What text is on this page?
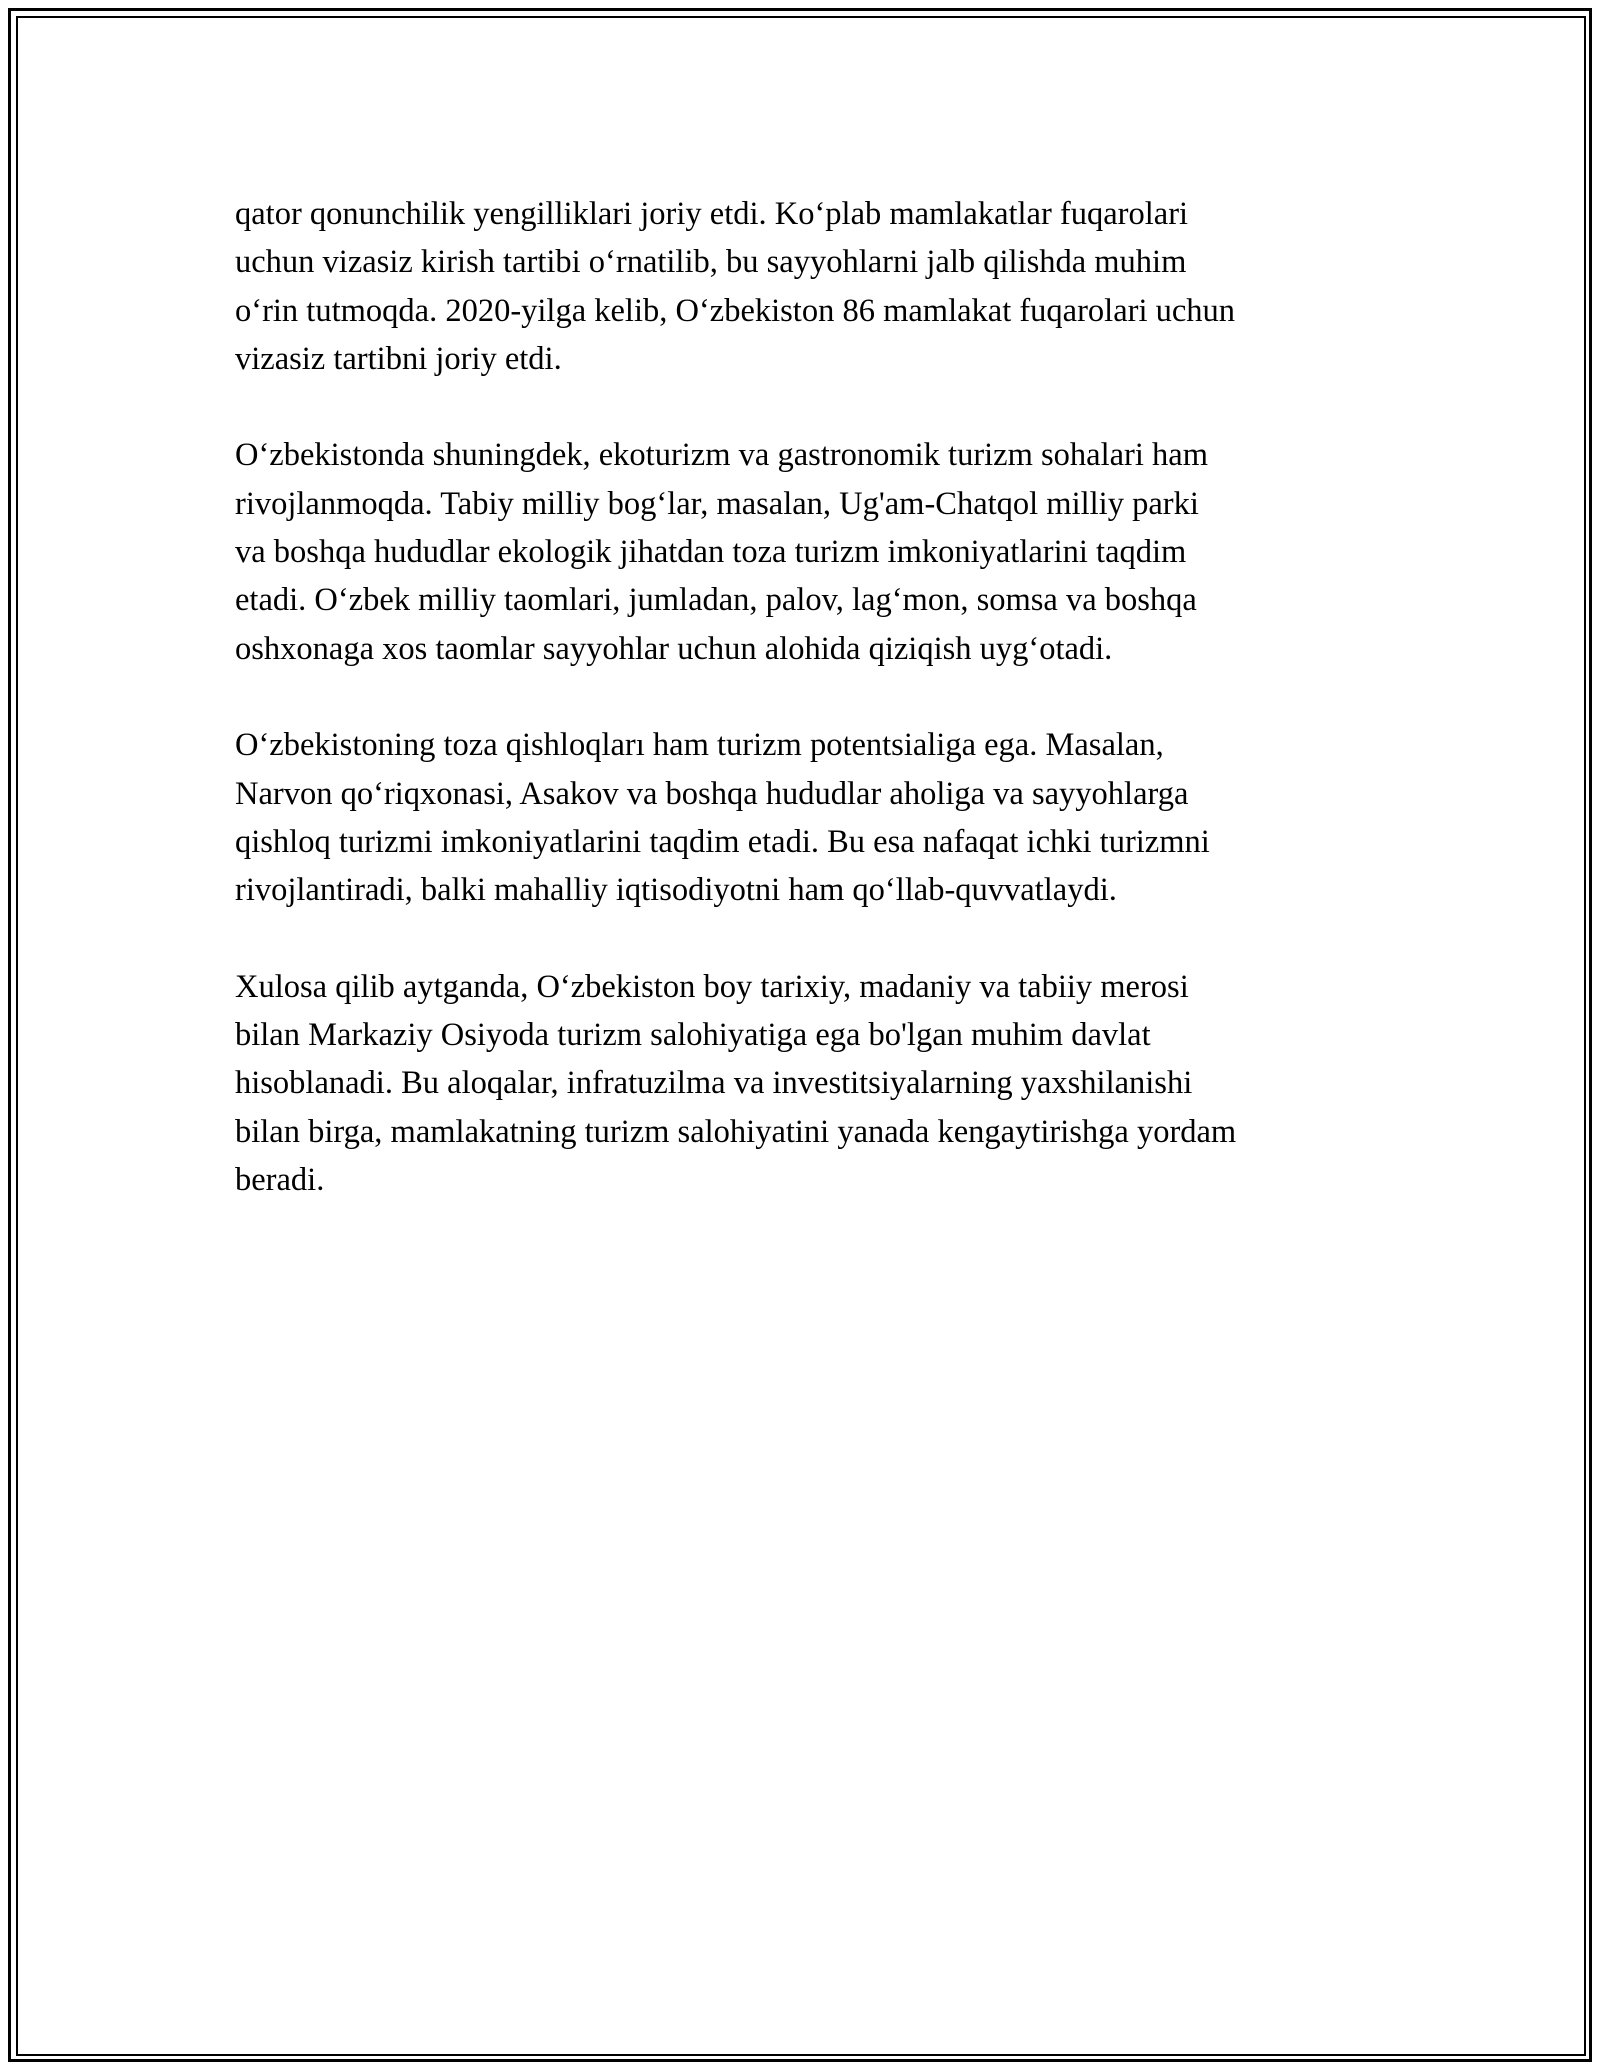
qator qonunchilik yengilliklari joriy etdi. Ko‘plab mamlakatlar fuqarolari
uchun vizasiz kirish tartibi o‘rnatilib, bu sayyohlarni jalb qilishda muhim
o‘rin tutmoqda. 2020-yilga kelib, O‘zbekiston 86 mamlakat fuqarolari uchun
vizasiz tartibni joriy etdi.

O‘zbekistonda shuningdek, ekoturizm va gastronomik turizm sohalari ham
rivojlanmoqda. Tabiy milliy bog‘lar, masalan, Ug'am-Chatqol milliy parki
va boshqa hududlar ekologik jihatdan toza turizm imkoniyatlarini taqdim
etadi. O‘zbek milliy taomlari, jumladan, palov, lag‘mon, somsa va boshqa
oshxonaga xos taomlar sayyohlar uchun alohida qiziqish uyg‘otadi.

O‘zbekistoning toza qishloqları ham turizm potentsialiga ega. Masalan,
Narvon qo‘riqxonasi, Asakov va boshqa hududlar aholiga va sayyohlarga
qishloq turizmi imkoniyatlarini taqdim etadi. Bu esa nafaqat ichki turizmni
rivojlantiradi, balki mahalliy iqtisodiyotni ham qo‘llab-quvvatlaydi.

Xulosa qilib aytganda, O‘zbekiston boy tarixiy, madaniy va tabiiy merosi
bilan Markaziy Osiyoda turizm salohiyatiga ega bo'lgan muhim davlat
hisoblanadi. Bu aloqalar, infratuzilma va investitsiyalarning yaxshilanishi
bilan birga, mamlakatning turizm salohiyatini yanada kengaytirishga yordam
beradi.
